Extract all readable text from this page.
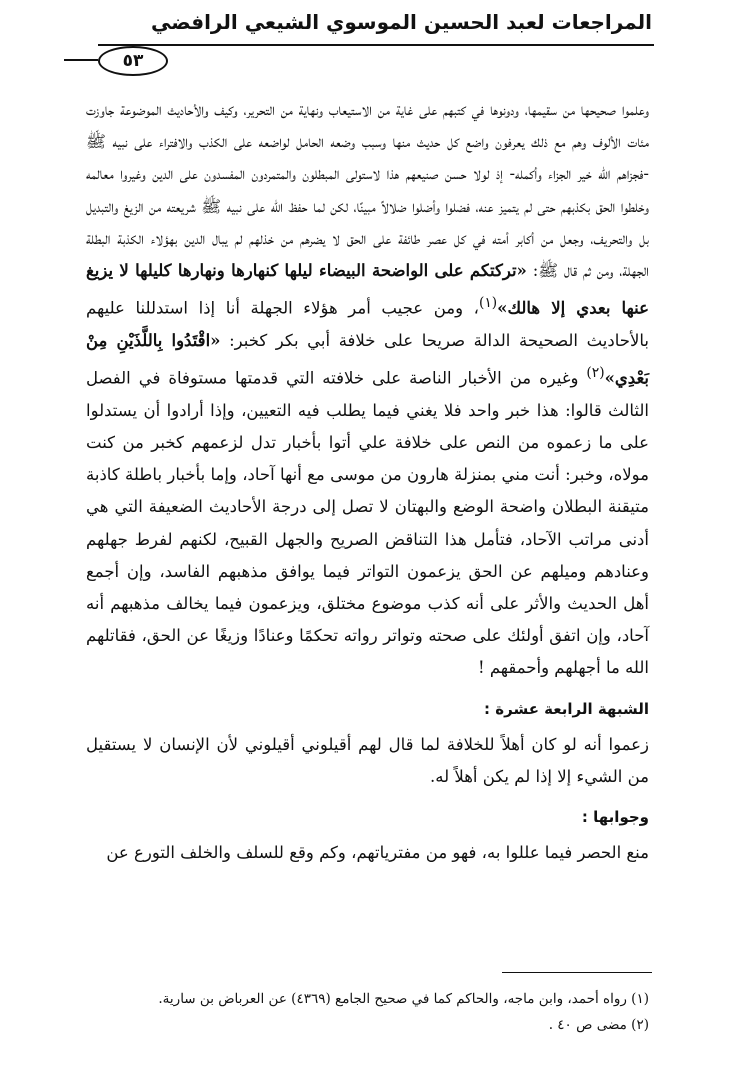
المراجعات لعبد الحسين الموسوي الشيعي الرافضي
٥٣

وعلموا صحيحها من سقيمها، ودونوها في كتبهم على غاية من الاستيعاب ونهاية من التحرير، وكيف والأحاديث الموضوعة جاوزت مئات الألوف وهم مع ذلك يعرفون واضع كل حديث منها وسبب وضعه الحامل لواضعه على الكذب والافتراء على نبيه ﷺ -فجزاهم الله خير الجزاء وأكمله- إذ لولا حسن صنيعهم هذا لاستولى المبطلون والمتمردون المفسدون على الدين وغيروا معالمه وخلطوا الحق بكذبهم حتى لم يتميز عنه، فضلوا وأضلوا ضلالاً مبينًا، لكن لما حفظ الله على نبيه ﷺ شريعته من الزيغ والتبديل بل والتحريف، وجعل من أكابر أمته في كل عصر طائفة على الحق لا يضرهم من خذلهم لم يبال الدين بهؤلاء الكذبة البطلة الجهلة، ومن ثم قال ﷺ: «تركتكم على الواضحة البيضاء ليلها كنهارها ونهارها كليلها لا يزيغ عنها بعدي إلا هالك»$^{(١)}$، ومن عجيب أمر هؤلاء الجهلة أنا إذا استدللنا عليهم بالأحاديث الصحيحة الدالة صريحا على خلافة أبي بكر كخبر: «اقْتَدُوا بِاللَّذَيْنِ مِنْ بَعْدِي»$^{(٢)}$ وغيره من الأخبار الناصة على خلافته التي قدمتها مستوفاة في الفصل الثالث قالوا: هذا خبر واحد فلا يغني فيما يطلب فيه التعيين، وإذا أرادوا أن يستدلوا على ما زعموه من النص على خلافة علي أتوا بأخبار تدل لزعمهم كخبر من كنت مولاه، وخبر: أنت مني بمنزلة هارون من موسى مع أنها آحاد، وإما بأخبار باطلة كاذبة متيقنة البطلان واضحة الوضع والبهتان لا تصل إلى درجة الأحاديث الضعيفة التي هي أدنى مراتب الآحاد، فتأمل هذا التناقض الصريح والجهل القبيح، لكنهم لفرط جهلهم وعنادهم وميلهم عن الحق يزعمون التواتر فيما يوافق مذهبهم الفاسد، وإن أجمع أهل الحديث والأثر على أنه كذب موضوع مختلق، ويزعمون فيما يخالف مذهبهم أنه آحاد، وإن اتفق أولئك على صحته وتواتر رواته تحكمًا وعنادًا وزيغًا عن الحق، فقاتلهم الله ما أجهلهم وأحمقهم !

الشبهة الرابعة عشرة :

زعموا أنه لو كان أهلاً للخلافة لما قال لهم أقيلوني أقيلوني لأن الإنسان لا يستقيل من الشيء إلا إذا لم يكن أهلاً له.

وجوابها :

منع الحصر فيما عللوا به، فهو من مفترياتهم، وكم وقع للسلف والخلف التورع عن

(١) رواه أحمد، وابن ماجه، والحاكم كما في صحيح الجامع (٤٣٦٩) عن العرباض بن سارية.

(٢) مضى ص ٤٠ .
